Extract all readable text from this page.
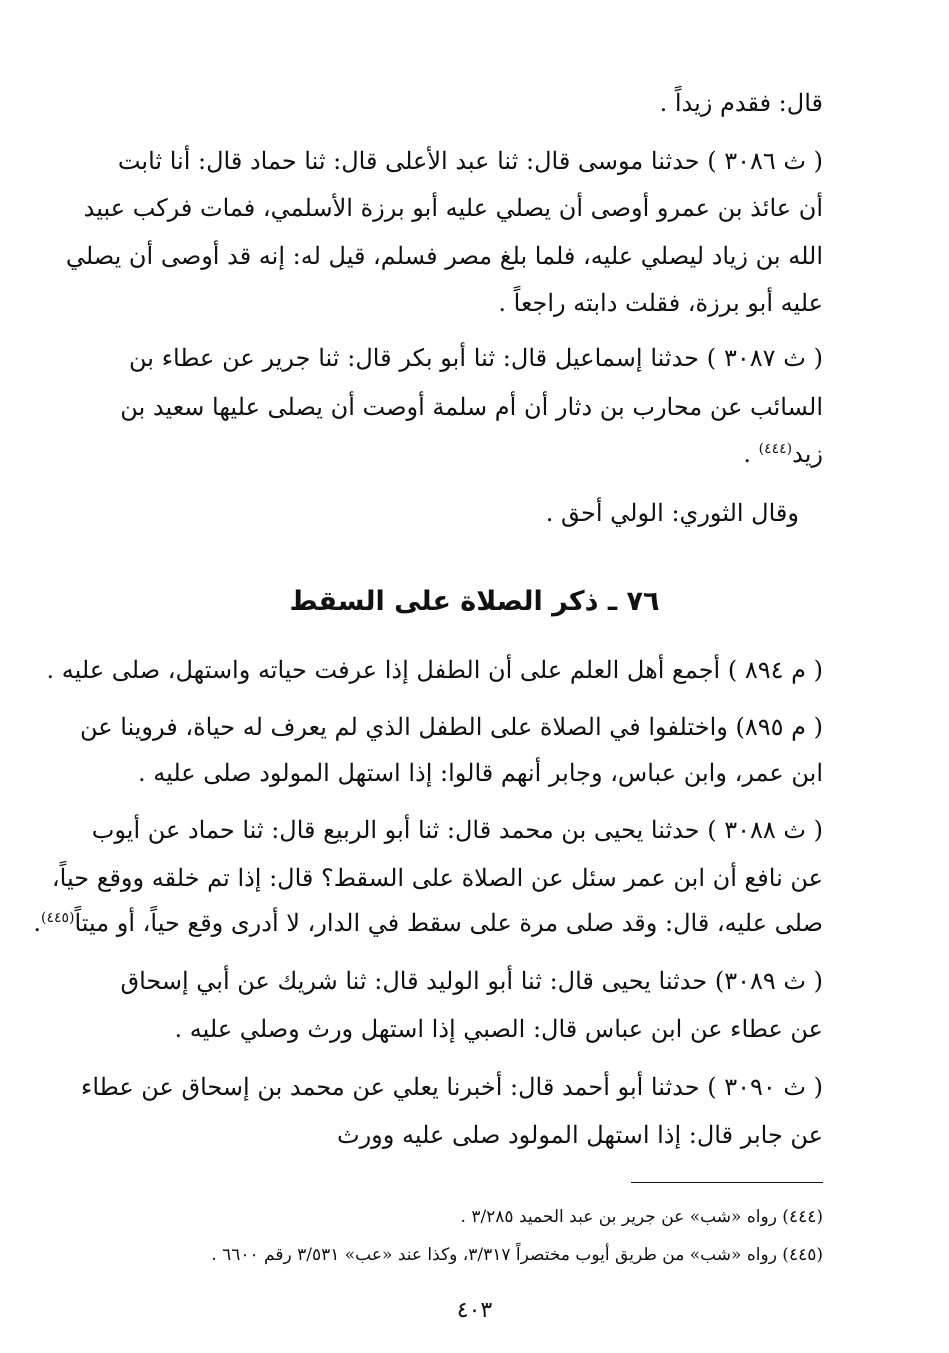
قال: فقدم زيداً .
( ث ٣٠٨٦ ) حدثنا موسى قال: ثنا عبد الأعلى قال: ثنا حماد قال: أنا ثابت
أن عائذ بن عمرو أوصى أن يصلي عليه أبو برزة الأسلمي، فمات فركب عبيد
الله بن زياد ليصلي عليه، فلما بلغ مصر فسلم، قيل له: إنه قد أوصى أن يصلي
عليه أبو برزة، فقلت دابته راجعاً .
( ث ٣٠٨٧ ) حدثنا إسماعيل قال: ثنا أبو بكر قال: ثنا جرير عن عطاء بن
السائب عن محارب بن دثار أن أم سلمة أوصت أن يصلى عليها سعيد بن
زيد$^{(٤٤٤)}$ .
وقال الثوري: الولي أحق .
٧٦ ـ ذكر الصلاة على السقط
( م ٨٩٤ ) أجمع أهل العلم على أن الطفل إذا عرفت حياته واستهل، صلى عليه .
( م ٨٩٥) واختلفوا في الصلاة على الطفل الذي لم يعرف له حياة، فروينا عن
ابن عمر، وابن عباس، وجابر أنهم قالوا: إذا استهل المولود صلى عليه .
( ث ٣٠٨٨ ) حدثنا يحيى بن محمد قال: ثنا أبو الربيع قال: ثنا حماد عن أيوب
عن نافع أن ابن عمر سئل عن الصلاة على السقط؟ قال: إذا تم خلقه ووقع حياً،
صلى عليه، قال: وقد صلى مرة على سقط في الدار، لا أدرى وقع حياً، أو ميتاً$^{(٤٤٥)}$.
( ث ٣٠٨٩) حدثنا يحيى قال: ثنا أبو الوليد قال: ثنا شريك عن أبي إسحاق
عن عطاء عن ابن عباس قال: الصبي إذا استهل ورث وصلي عليه .
( ث ٣٠٩٠ ) حدثنا أبو أحمد قال: أخبرنا يعلي عن محمد بن إسحاق عن عطاء
عن جابر قال: إذا استهل المولود صلى عليه وورث
(٤٤٤) رواه «شب» عن جرير بن عبد الحميد ٣/٢٨٥ .
(٤٤٥) رواه «شب» من طريق أيوب مختصراً ٣/٣١٧، وكذا عند «عب» ٣/٥٣١ رقم ٦٦٠٠ .
٤٠٣
